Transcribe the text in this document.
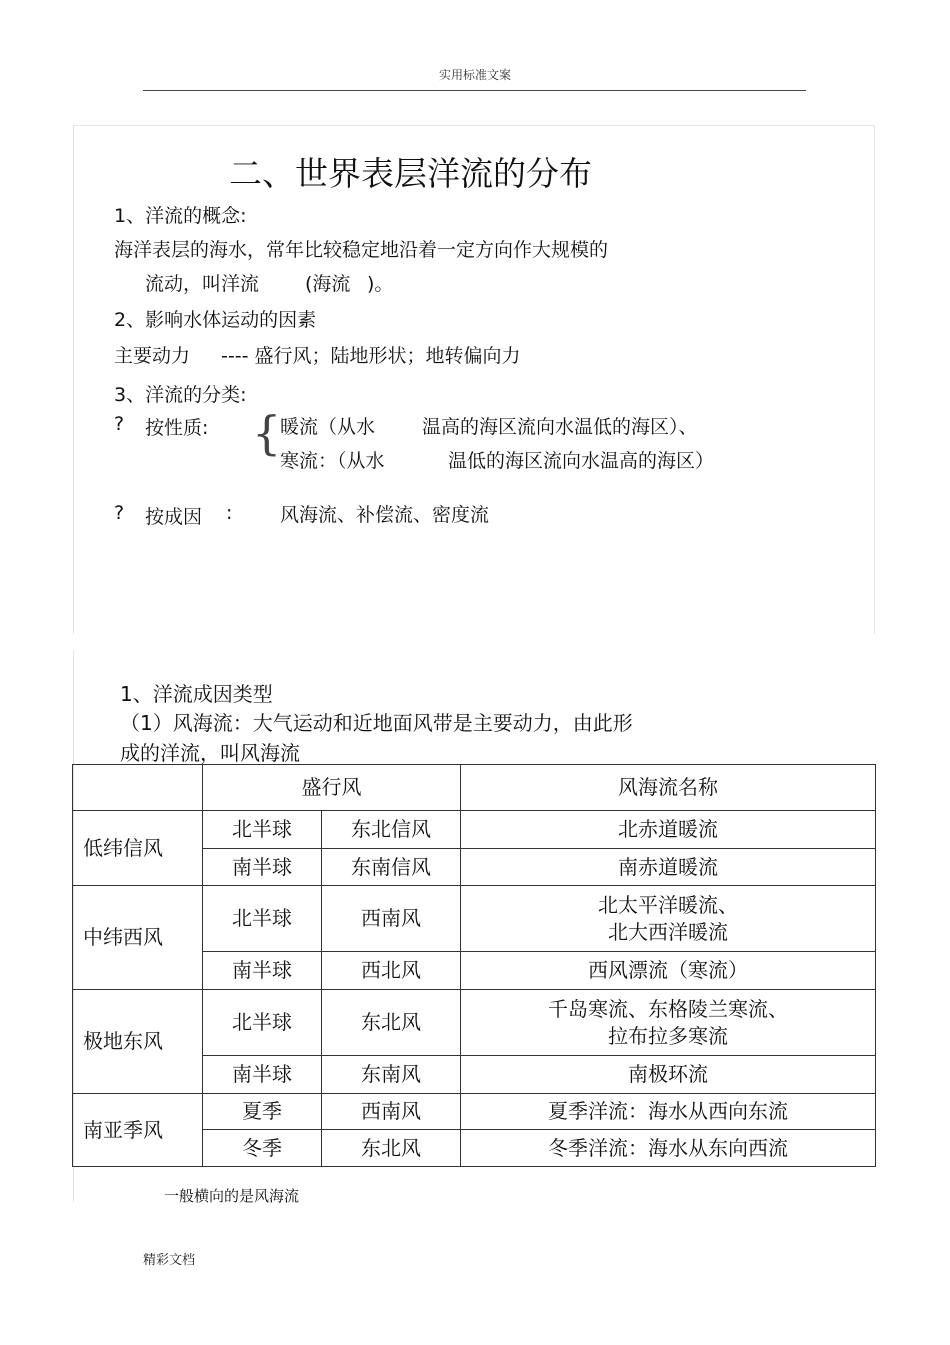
实用标准文案
二、世界表层洋流的分布
1、洋流的概念:
海洋表层的海水，常年比较稳定地沿着一定方向作大规模的
流动，叫洋流 (海流 )。
2、影响水体运动的因素
主要动力 ---- 盛行风；陆地形状；地转偏向力
3、洋流的分类:
? 按性质: {
暖流（从水 温高的海区流向水温低的海区）、
寒流：（从水	温低的海区流向水温高的海区）
? 按成因 :	风海流、补偿流、密度流
1、洋流成因类型
（1）风海流：大气运动和近地面风带是主要动力，由此形
成的洋流，叫风海流
	盛行风		风海流名称
低纬信风	北半球	东北信风	北赤道暖流

	南半球	东南信风	南赤道暖流

中纬西风	北半球	西南风	北太平洋暖流、
北大西洋暖流

	南半球	西北风	西风漂流（寒流）

极地东风	北半球	东北风	千岛寒流、东格陵兰寒流、
拉布拉多寒流

	南半球	东南风	南极环流

南亚季风	夏季	西南风	夏季洋流：海水从西向东流

	冬季	东北风	冬季洋流：海水从东向西流
一般横向的是风海流
精彩文档
